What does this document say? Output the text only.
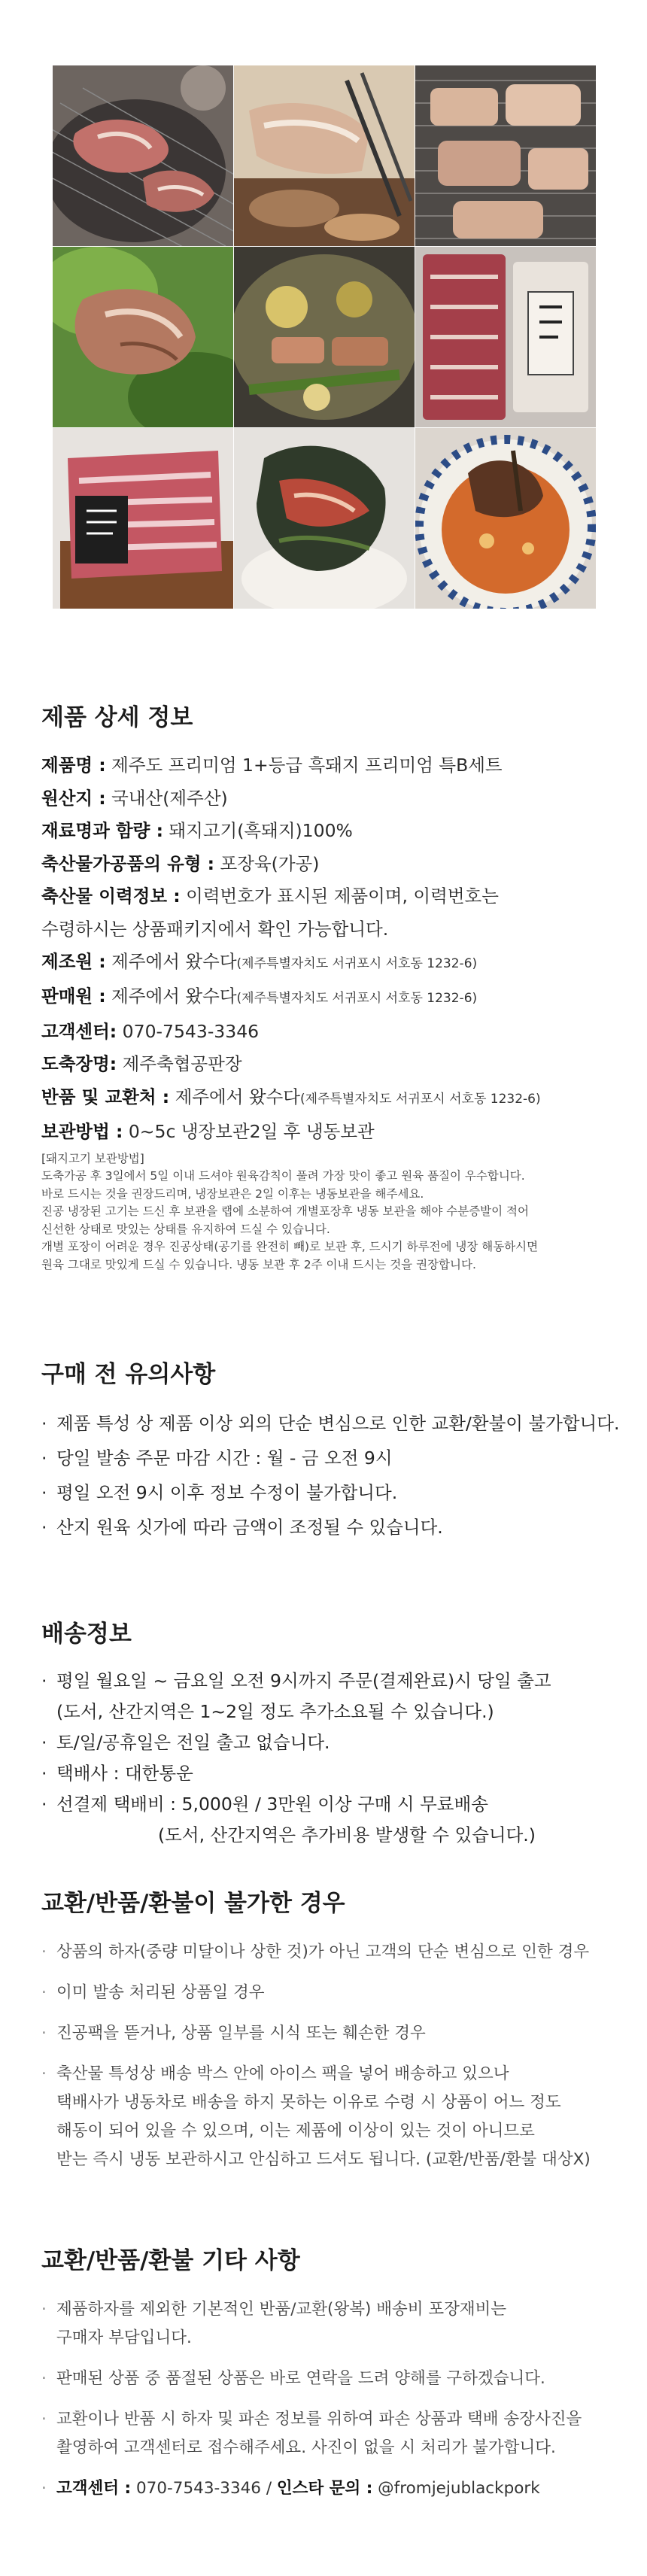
제품 상세 정보
제품명 : 제주도 프리미엄 1+등급 흑돼지 프리미엄 특B세트
원산지 : 국내산(제주산)
재료명과 함량 : 돼지고기(흑돼지)100%
축산물가공품의 유형 : 포장육(가공)
축산물 이력정보 : 이력번호가 표시된 제품이며, 이력번호는
수령하시는 상품패키지에서 확인 가능합니다.
제조원 : 제주에서 왔수다(제주특별자치도 서귀포시 서호동 1232-6)
판매원 : 제주에서 왔수다(제주특별자치도 서귀포시 서호동 1232-6)
고객센터: 070-7543-3346
도축장명: 제주축협공판장
반품 및 교환처 : 제주에서 왔수다(제주특별자치도 서귀포시 서호동 1232-6)
보관방법 : 0~5c 냉장보관2일 후 냉동보관
[돼지고기 보관방법]
도축가공 후 3일에서 5일 이내 드셔야 원육감칙이 풀려 가장 맛이 좋고 원육 품질이 우수합니다.
바로 드시는 것을 권장드리며, 냉장보관은 2일 이후는 냉동보관을 해주세요.
진공 냉장된 고기는 드신 후 보관을 랩에 소분하여 개별포장후 냉동 보관을 해야 수분증발이 적어
신선한 상태로 맛있는 상태를 유지하여 드실 수 있습니다.
개별 포장이 어려운 경우 진공상태(공기를 완전히 빼)로 보관 후, 드시기 하루전에 냉장 해동하시면
원육 그대로 맛있게 드실 수 있습니다. 냉동 보관 후 2주 이내 드시는 것을 권장합니다.
구매 전 유의사항
· 제품 특성 상 제품 이상 외의 단순 변심으로 인한 교환/환불이 불가합니다.
· 당일 발송 주문 마감 시간 : 월 - 금 오전 9시
· 평일 오전 9시 이후 정보 수정이 불가합니다.
· 산지 원육 싯가에 따라 금액이 조정될 수 있습니다.
배송정보
· 평일 월요일 ~ 금요일 오전 9시까지 주문(결제완료)시 당일 출고
(도서, 산간지역은 1~2일 정도 추가소요될 수 있습니다.)
· 토/일/공휴일은 전일 출고 없습니다.
· 택배사 : 대한통운
· 선결제 택배비 : 5,000원 / 3만원 이상 구매 시 무료배송
(도서, 산간지역은 추가비용 발생할 수 있습니다.)
교환/반품/환불이 불가한 경우
· 상품의 하자(중량 미달이나 상한 것)가 아닌 고객의 단순 변심으로 인한 경우
· 이미 발송 처리된 상품일 경우
· 진공팩을 뜯거나, 상품 일부를 시식 또는 훼손한 경우
· 축산물 특성상 배송 박스 안에 아이스 팩을 넣어 배송하고 있으나
택배사가 냉동차로 배송을 하지 못하는 이유로 수령 시 상품이 어느 정도
해동이 되어 있을 수 있으며, 이는 제품에 이상이 있는 것이 아니므로
받는 즉시 냉동 보관하시고 안심하고 드셔도 됩니다. (교환/반품/환불 대상X)
교환/반품/환불 기타 사항
· 제품하자를 제외한 기본적인 반품/교환(왕복) 배송비 포장재비는
구매자 부담입니다.
· 판매된 상품 중 품절된 상품은 바로 연락을 드려 양해를 구하겠습니다.
· 교환이나 반품 시 하자 및 파손 정보를 위하여 파손 상품과 택배 송장사진을
촬영하여 고객센터로 접수해주세요. 사진이 없을 시 처리가 불가합니다.
· 고객센터 : 070-7543-3346 / 인스타 문의 : @fromjejublackpork
